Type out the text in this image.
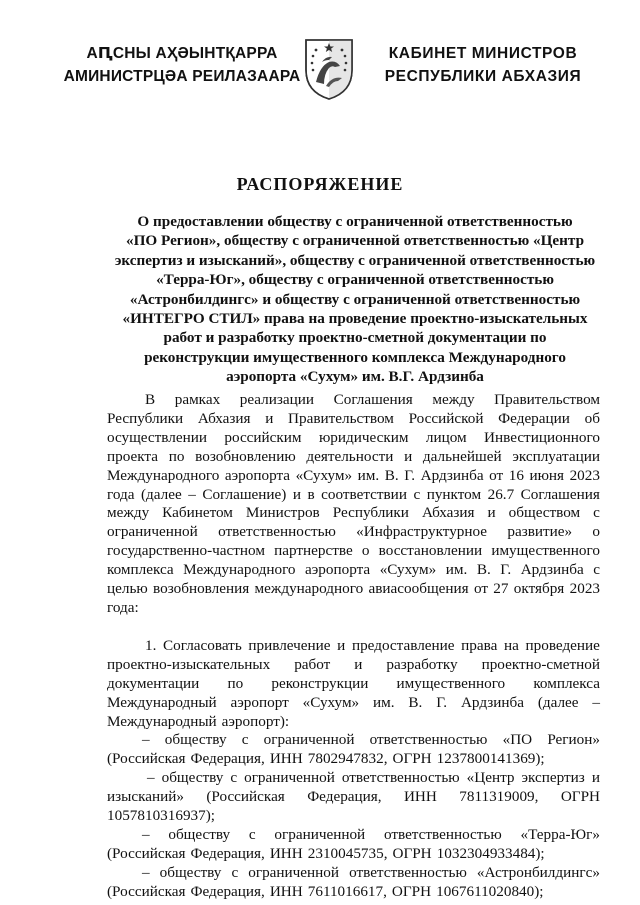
АԤСНЫ АҲӘЫНТҚАРРА
АМИНИСТРЦӘА РЕИЛАЗААРА
КАБИНЕТ МИНИСТРОВ
РЕСПУБЛИКИ АБХАЗИЯ
РАСПОРЯЖЕНИЕ
О предоставлении обществу с ограниченной ответственностью
«ПО Регион», обществу с ограниченной ответственностью «Центр
экспертиз и изысканий», обществу с ограниченной ответственностью
«Терра-Юг», обществу с ограниченной ответственностью
«Астронбилдингс» и обществу с ограниченной ответственностью
«ИНТЕГРО СТИЛ» права на проведение проектно-изыскательных
работ и разработку проектно-сметной документации по
реконструкции имущественного комплекса Международного
аэропорта «Сухум» им. В.Г. Ардзинба
В рамках реализации Соглашения между Правительством
Республики Абхазия и Правительством Российской Федерации об
осуществлении российским юридическим лицом Инвестиционного
проекта по возобновлению деятельности и дальнейшей эксплуатации
Международного аэропорта «Сухум» им. В. Г. Ардзинба от 16 июня 2023
года (далее – Соглашение) и в соответствии с пунктом 26.7 Соглашения
между Кабинетом Министров Республики Абхазия и обществом с
ограниченной ответственностью «Инфраструктурное развитие» о
государственно-частном партнерстве о восстановлении имущественного
комплекса Международного аэропорта «Сухум» им. В. Г. Ардзинба с
целью возобновления международного авиасообщения от 27 октября 2023
года:
1. Согласовать привлечение и предоставление права на проведение
проектно-изыскательных работ и разработку проектно-сметной
документации по реконструкции имущественного комплекса
Международный аэропорт «Сухум» им. В. Г. Ардзинба (далее –
Международный аэропорт):
– обществу с ограниченной ответственностью «ПО Регион»
(Российская Федерация, ИНН 7802947832, ОГРН 1237800141369);
– обществу с ограниченной ответственностью «Центр экспертиз и
изысканий» (Российская Федерация, ИНН 7811319009, ОГРН
1057810316937);
– обществу с ограниченной ответственностью «Терра-Юг»
(Российская Федерация, ИНН 2310045735, ОГРН 1032304933484);
– обществу с ограниченной ответственностью «Астронбилдингс»
(Российская Федерация, ИНН 7611016617, ОГРН 1067611020840);
